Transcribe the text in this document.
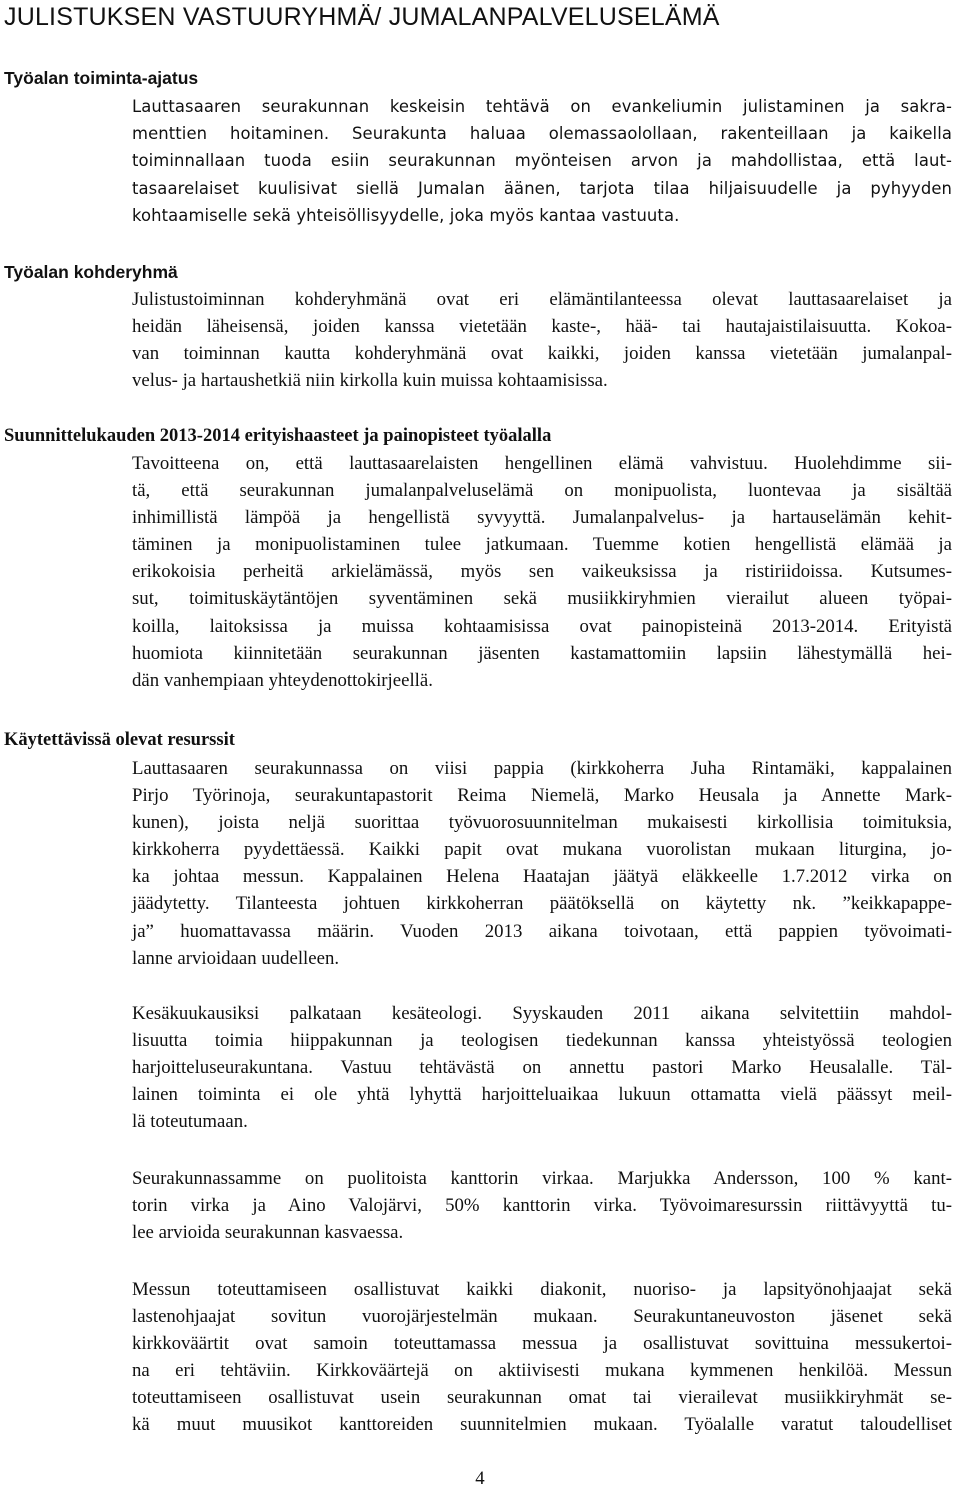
JULISTUKSEN VASTUURYHMÄ/ JUMALANPALVELUSELÄMÄ
Työalan toiminta-ajatus
Lauttasaaren seurakunnan keskeisin tehtävä on evankeliumin julistaminen ja sakra-
menttien hoitaminen. Seurakunta haluaa olemassaolollaan, rakenteillaan ja kaikella
toiminnallaan tuoda esiin seurakunnan myönteisen arvon ja mahdollistaa, että laut-
tasaarelaiset kuulisivat siellä Jumalan äänen, tarjota tilaa hiljaisuudelle ja pyhyyden
kohtaamiselle sekä yhteisöllisyydelle, joka myös kantaa vastuuta.
Työalan kohderyhmä
Julistustoiminnan kohderyhmänä ovat eri elämäntilanteessa olevat lauttasaarelaiset ja
heidän läheisensä, joiden kanssa vietetään kaste-, hää- tai hautajaistilaisuutta. Kokoa-
van toiminnan kautta kohderyhmänä ovat kaikki, joiden kanssa vietetään jumalanpal-
velus- ja hartaushetkiä niin kirkolla kuin muissa kohtaamisissa.
Suunnittelukauden 2013-2014 erityishaasteet ja painopisteet työalalla
Tavoitteena on, että lauttasaarelaisten hengellinen elämä vahvistuu. Huolehdimme sii-
tä, että seurakunnan jumalanpalveluselämä on monipuolista, luontevaa ja sisältää
inhimillistä lämpöä ja hengellistä syvyyttä. Jumalanpalvelus- ja hartauselämän kehit-
täminen ja monipuolistaminen tulee jatkumaan. Tuemme kotien hengellistä elämää ja
erikokoisia perheitä arkielämässä, myös sen vaikeuksissa ja ristiriidoissa. Kutsumes-
sut, toimituskäytäntöjen syventäminen sekä musiikkiryhmien vierailut alueen työpai-
koilla, laitoksissa ja muissa kohtaamisissa ovat painopisteinä 2013-2014. Erityistä
huomiota kiinnitetään seurakunnan jäsenten kastamattomiin lapsiin lähestymällä hei-
dän vanhempiaan yhteydenottokirjeellä.
Käytettävissä olevat resurssit
Lauttasaaren seurakunnassa on viisi pappia (kirkkoherra Juha Rintamäki, kappalainen
Pirjo Työrinoja, seurakuntapastorit Reima Niemelä, Marko Heusala ja Annette Mark-
kunen), joista neljä suorittaa työvuorosuunnitelman mukaisesti kirkollisia toimituksia,
kirkkoherra pyydettäessä. Kaikki papit ovat mukana vuorolistan mukaan liturgina, jo-
ka johtaa messun. Kappalainen Helena Haatajan jäätyä eläkkeelle 1.7.2012 virka on
jäädytetty. Tilanteesta johtuen kirkkoherran päätöksellä on käytetty nk. ”keikkapappe-
ja” huomattavassa määrin. Vuoden 2013 aikana toivotaan, että pappien työvoimati-
lanne arvioidaan uudelleen.
Kesäkuukausiksi palkataan kesäteologi. Syyskauden 2011 aikana selvitettiin mahdol-
lisuutta toimia hiippakunnan ja teologisen tiedekunnan kanssa yhteistyössä teologien
harjoitteluseurakuntana. Vastuu tehtävästä on annettu pastori Marko Heusalalle. Täl-
lainen toiminta ei ole yhtä lyhyttä harjoitteluaikaa lukuun ottamatta vielä päässyt meil-
lä toteutumaan.
Seurakunnassamme on puolitoista kanttorin virkaa. Marjukka Andersson, 100 % kant-
torin virka ja Aino Valojärvi, 50% kanttorin virka. Työvoimaresurssin riittävyyttä tu-
lee arvioida seurakunnan kasvaessa.
Messun toteuttamiseen osallistuvat kaikki diakonit, nuoriso- ja lapsityönohjaajat sekä
lastenohjaajat sovitun vuorojärjestelmän mukaan. Seurakuntaneuvoston jäsenet sekä
kirkkoväärtit ovat samoin toteuttamassa messua ja osallistuvat sovittuina messukertoi-
na eri tehtäviin. Kirkkoväärtejä on aktiivisesti mukana kymmenen henkilöä. Messun
toteuttamiseen osallistuvat usein seurakunnan omat tai vierailevat musiikkiryhmät se-
kä muut muusikot kanttoreiden suunnitelmien mukaan. Työalalle varatut taloudelliset
4
